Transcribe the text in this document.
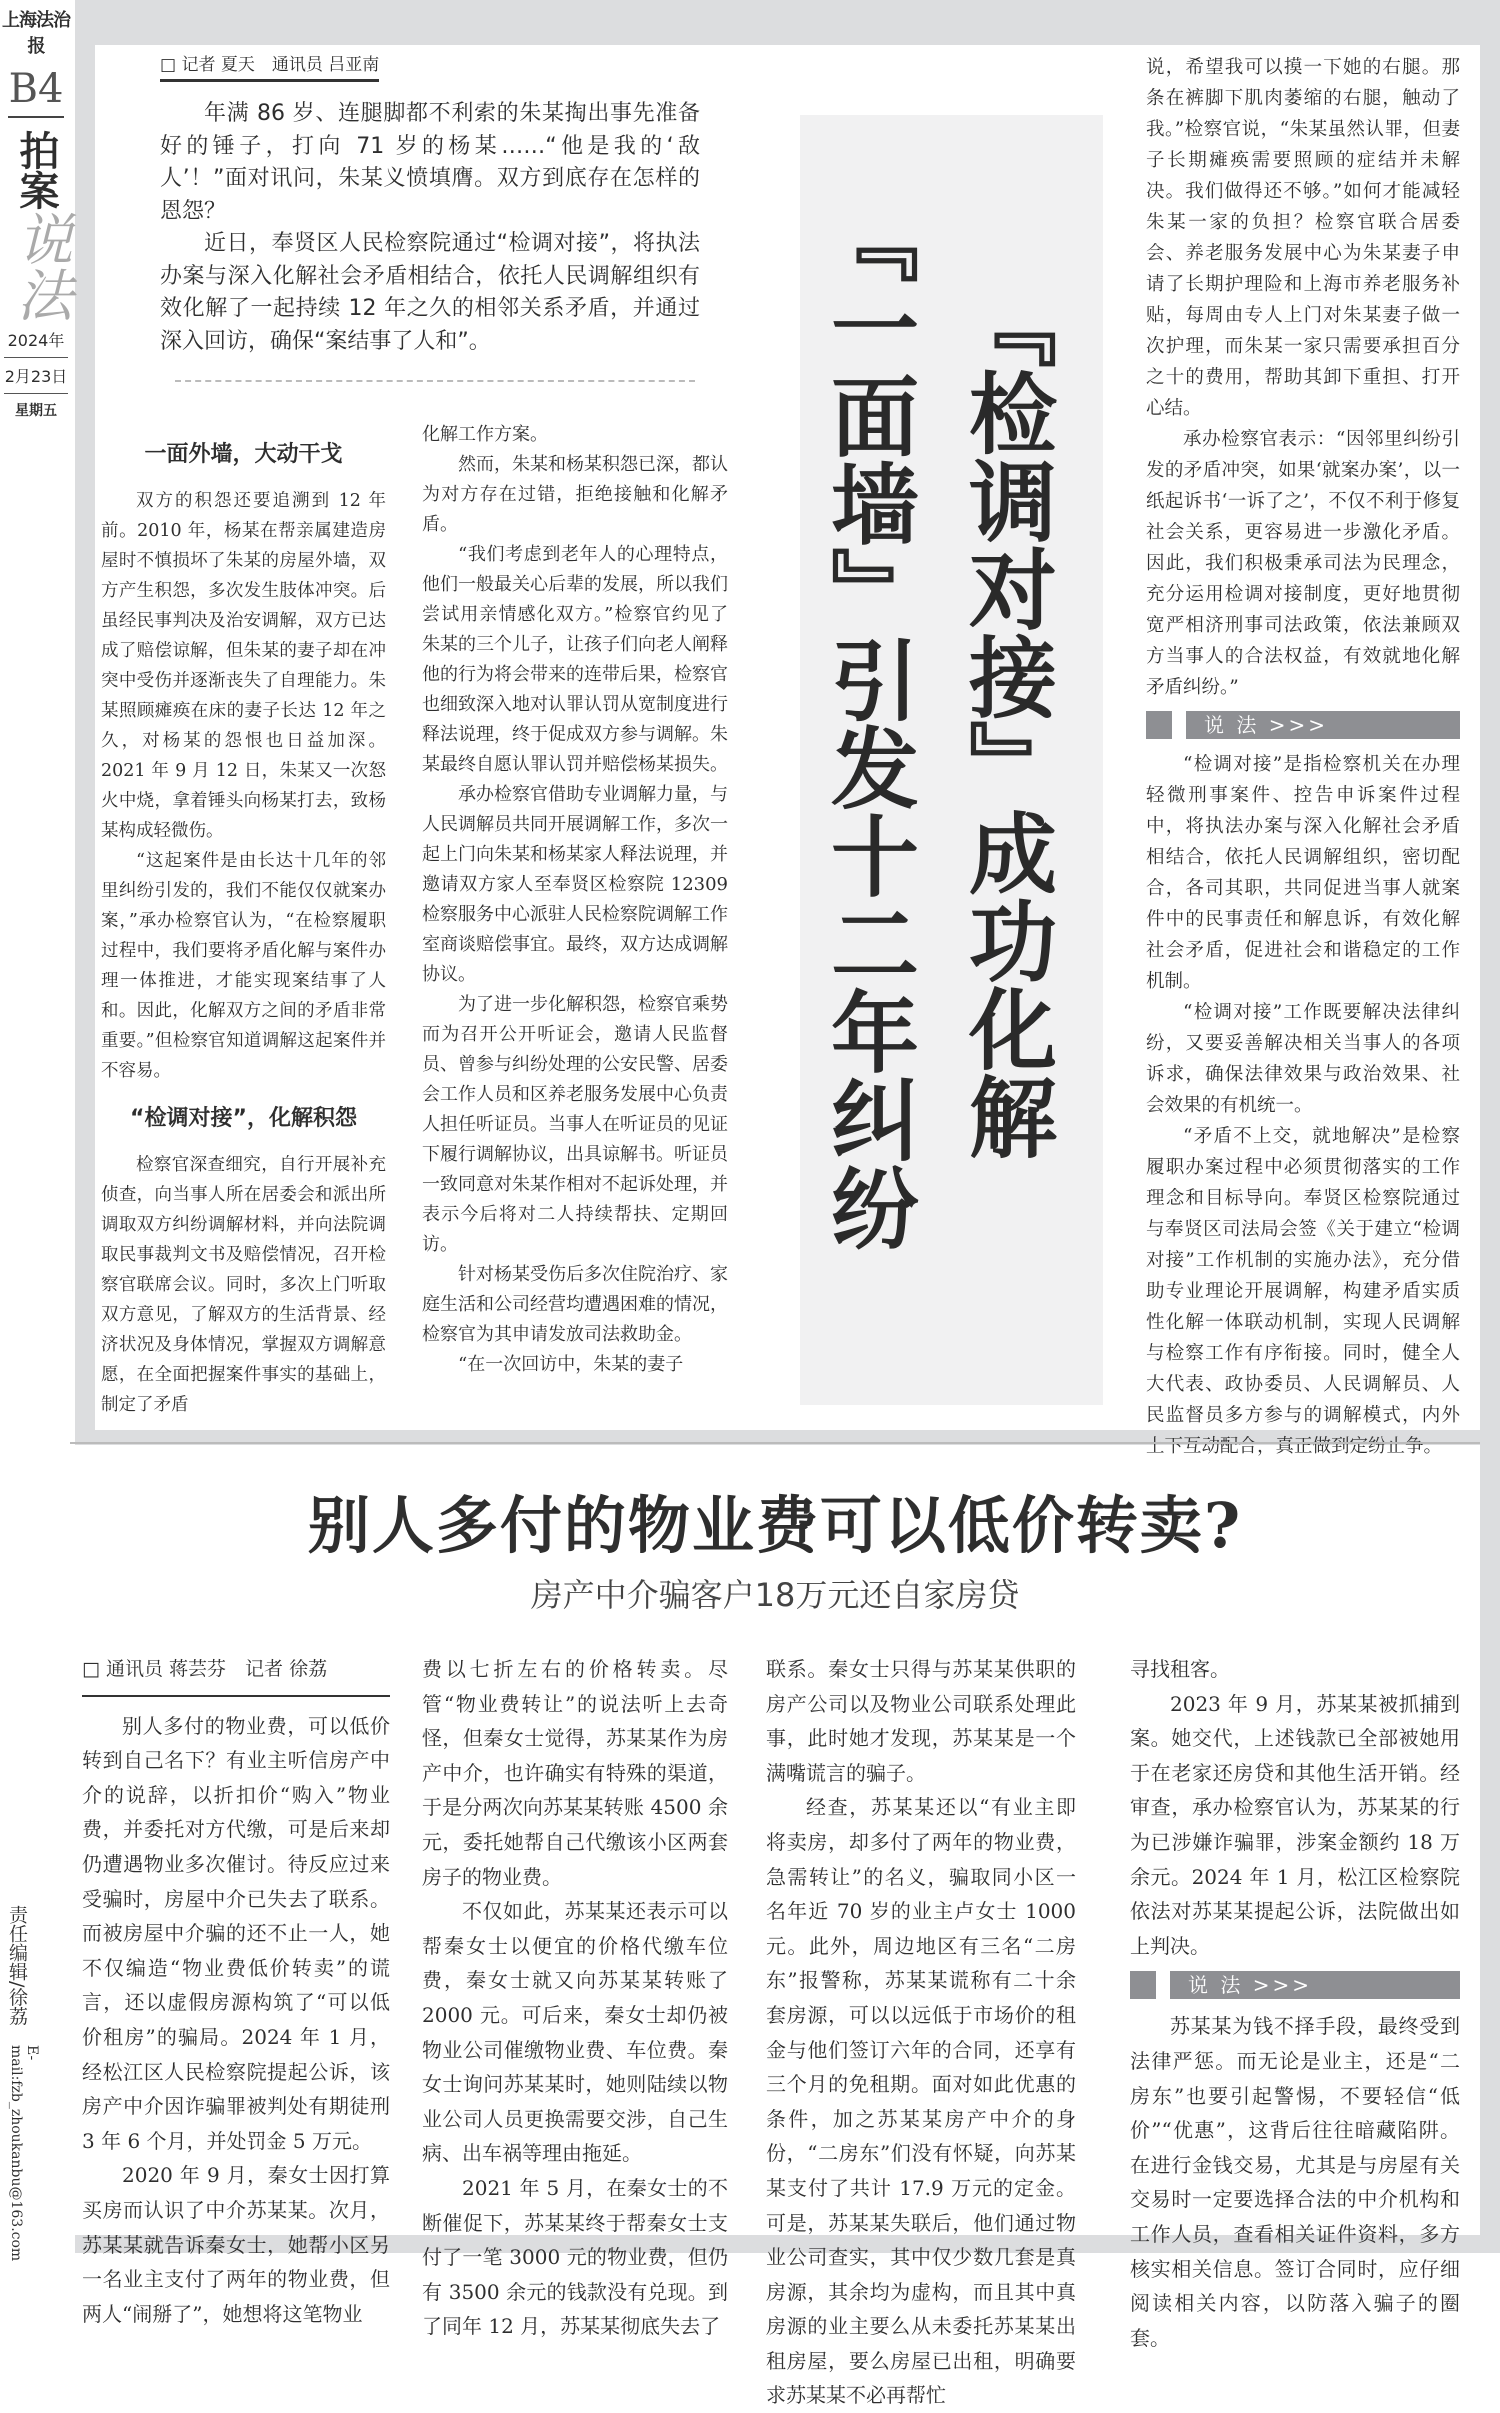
上海法治报
B4
拍案
说法
2024年
2月23日
星期五
责任编辑/徐荔
E-mail:fzb_zhoukanbu@163.com
□ 记者 夏天　通讯员 吕亚南

年满 86 岁、连腿脚都不利索的朱某掏出事先准备好的锤子，打向 71 岁的杨某……“他是我的‘敌人’！”面对讯问，朱某义愤填膺。双方到底存在怎样的恩怨？

近日，奉贤区人民检察院通过“检调对接”，将执法办案与深入化解社会矛盾相结合，依托人民调解组织有效化解了一起持续 12 年之久的相邻关系矛盾，并通过深入回访，确保“案结事了人和”。	『检调对接』成功化解
『一面墙』引发十二年纠纷
一面外墙，大动干戈

双方的积怨还要追溯到 12 年前。2010 年，杨某在帮亲属建造房屋时不慎损坏了朱某的房屋外墙，双方产生积怨，多次发生肢体冲突。后虽经民事判决及治安调解，双方已达成了赔偿谅解，但朱某的妻子却在冲突中受伤并逐渐丧失了自理能力。朱某照顾瘫痪在床的妻子长达 12 年之久，对杨某的怨恨也日益加深。2021 年 9 月 12 日，朱某又一次怒火中烧，拿着锤头向杨某打去，致杨某构成轻微伤。

“这起案件是由长达十几年的邻里纠纷引发的，我们不能仅仅就案办案，”承办检察官认为，“在检察履职过程中，我们要将矛盾化解与案件办理一体推进，才能实现案结事了人和。因此，化解双方之间的矛盾非常重要。”但检察官知道调解这起案件并不容易。

“检调对接”，化解积怨

检察官深查细究，自行开展补充侦查，向当事人所在居委会和派出所调取双方纠纷调解材料，并向法院调取民事裁判文书及赔偿情况，召开检察官联席会议。同时，多次上门听取双方意见，了解双方的生活背景、经济状况及身体情况，掌握双方调解意愿，在全面把握案件事实的基础上，制定了矛盾

化解工作方案。

然而，朱某和杨某积怨已深，都认为对方存在过错，拒绝接触和化解矛盾。

“我们考虑到老年人的心理特点，他们一般最关心后辈的发展，所以我们尝试用亲情感化双方。”检察官约见了朱某的三个儿子，让孩子们向老人阐释他的行为将会带来的连带后果，检察官也细致深入地对认罪认罚从宽制度进行释法说理，终于促成双方参与调解。朱某最终自愿认罪认罚并赔偿杨某损失。

承办检察官借助专业调解力量，与人民调解员共同开展调解工作，多次一起上门向朱某和杨某家人释法说理，并邀请双方家人至奉贤区检察院 12309 检察服务中心派驻人民检察院调解工作室商谈赔偿事宜。最终，双方达成调解协议。

为了进一步化解积怨，检察官乘势而为召开公开听证会，邀请人民监督员、曾参与纠纷处理的公安民警、居委会工作人员和区养老服务发展中心负责人担任听证员。当事人在听证员的见证下履行调解协议，出具谅解书。听证员一致同意对朱某作相对不起诉处理，并表示今后将对二人持续帮扶、定期回访。

针对杨某受伤后多次住院治疗、家庭生活和公司经营均遭遇困难的情况，检察官为其申请发放司法救助金。

“在一次回访中，朱某的妻子

说，希望我可以摸一下她的右腿。那条在裤脚下肌肉萎缩的右腿，触动了我。”检察官说，“朱某虽然认罪，但妻子长期瘫痪需要照顾的症结并未解决。我们做得还不够。”如何才能减轻朱某一家的负担？检察官联合居委会、养老服务发展中心为朱某妻子申请了长期护理险和上海市养老服务补贴，每周由专人上门对朱某妻子做一次护理，而朱某一家只需要承担百分之十的费用，帮助其卸下重担、打开心结。

承办检察官表示：“因邻里纠纷引发的矛盾冲突，如果‘就案办案’，以一纸起诉书‘一诉了之’，不仅不利于修复社会关系，更容易进一步激化矛盾。因此，我们积极秉承司法为民理念，充分运用检调对接制度，更好地贯彻宽严相济刑事司法政策，依法兼顾双方当事人的合法权益，有效就地化解矛盾纠纷。”

说 法 >>>

“检调对接”是指检察机关在办理轻微刑事案件、控告申诉案件过程中，将执法办案与深入化解社会矛盾相结合，依托人民调解组织，密切配合，各司其职，共同促进当事人就案件中的民事责任和解息诉，有效化解社会矛盾，促进社会和谐稳定的工作机制。

“检调对接”工作既要解决法律纠纷，又要妥善解决相关当事人的各项诉求，确保法律效果与政治效果、社会效果的有机统一。

“矛盾不上交，就地解决”是检察履职办案过程中必须贯彻落实的工作理念和目标导向。奉贤区检察院通过与奉贤区司法局会签《关于建立“检调对接”工作机制的实施办法》，充分借助专业理论开展调解，构建矛盾实质性化解一体联动机制，实现人民调解与检察工作有序衔接。同时，健全人大代表、政协委员、人民调解员、人民监督员多方参与的调解模式，内外上下互动配合，真正做到定纷止争。

别人多付的物业费可以低价转卖?
房产中介骗客户18万元还自家房贷
□ 通讯员 蒋芸芬　记者 徐荔

别人多付的物业费，可以低价转到自己名下？有业主听信房产中介的说辞，以折扣价“购入”物业费，并委托对方代缴，可是后来却仍遭遇物业多次催讨。待反应过来受骗时，房屋中介已失去了联系。而被房屋中介骗的还不止一人，她不仅编造“物业费低价转卖”的谎言，还以虚假房源构筑了“可以低价租房”的骗局。2024 年 1 月，经松江区人民检察院提起公诉，该房产中介因诈骗罪被判处有期徒刑 3 年 6 个月，并处罚金 5 万元。

2020 年 9 月，秦女士因打算买房而认识了中介苏某某。次月，苏某某就告诉秦女士，她帮小区另一名业主支付了两年的物业费，但两人“闹掰了”，她想将这笔物业

费以七折左右的价格转卖。尽管“物业费转让”的说法听上去奇怪，但秦女士觉得，苏某某作为房产中介，也许确实有特殊的渠道，于是分两次向苏某某转账 4500 余元，委托她帮自己代缴该小区两套房子的物业费。

不仅如此，苏某某还表示可以帮秦女士以便宜的价格代缴车位费，秦女士就又向苏某某转账了 2000 元。可后来，秦女士却仍被物业公司催缴物业费、车位费。秦女士询问苏某某时，她则陆续以物业公司人员更换需要交涉，自己生病、出车祸等理由拖延。

2021 年 5 月，在秦女士的不断催促下，苏某某终于帮秦女士支付了一笔 3000 元的物业费，但仍有 3500 余元的钱款没有兑现。到了同年 12 月，苏某某彻底失去了

联系。秦女士只得与苏某某供职的房产公司以及物业公司联系处理此事，此时她才发现，苏某某是一个满嘴谎言的骗子。

经查，苏某某还以“有业主即将卖房，却多付了两年的物业费，急需转让”的名义，骗取同小区一名年近 70 岁的业主卢女士 1000 元。此外，周边地区有三名“二房东”报警称，苏某某谎称有二十余套房源，可以以远低于市场价的租金与他们签订六年的合同，还享有三个月的免租期。面对如此优惠的条件，加之苏某某房产中介的身份，“二房东”们没有怀疑，向苏某某支付了共计 17.9 万元的定金。可是，苏某某失联后，他们通过物业公司查实，其中仅少数几套是真房源，其余均为虚构，而且其中真房源的业主要么从未委托苏某某出租房屋，要么房屋已出租，明确要求苏某某不必再帮忙

寻找租客。

2023 年 9 月，苏某某被抓捕到案。她交代，上述钱款已全部被她用于在老家还房贷和其他生活开销。经审查，承办检察官认为，苏某某的行为已涉嫌诈骗罪，涉案金额约 18 万余元。2024 年 1 月，松江区检察院依法对苏某某提起公诉，法院做出如上判决。

说 法 >>>

苏某某为钱不择手段，最终受到法律严惩。而无论是业主，还是“二房东”也要引起警惕，不要轻信“低价”“优惠”，这背后往往暗藏陷阱。在进行金钱交易，尤其是与房屋有关交易时一定要选择合法的中介机构和工作人员，查看相关证件资料，多方核实相关信息。签订合同时，应仔细阅读相关内容，以防落入骗子的圈套。
